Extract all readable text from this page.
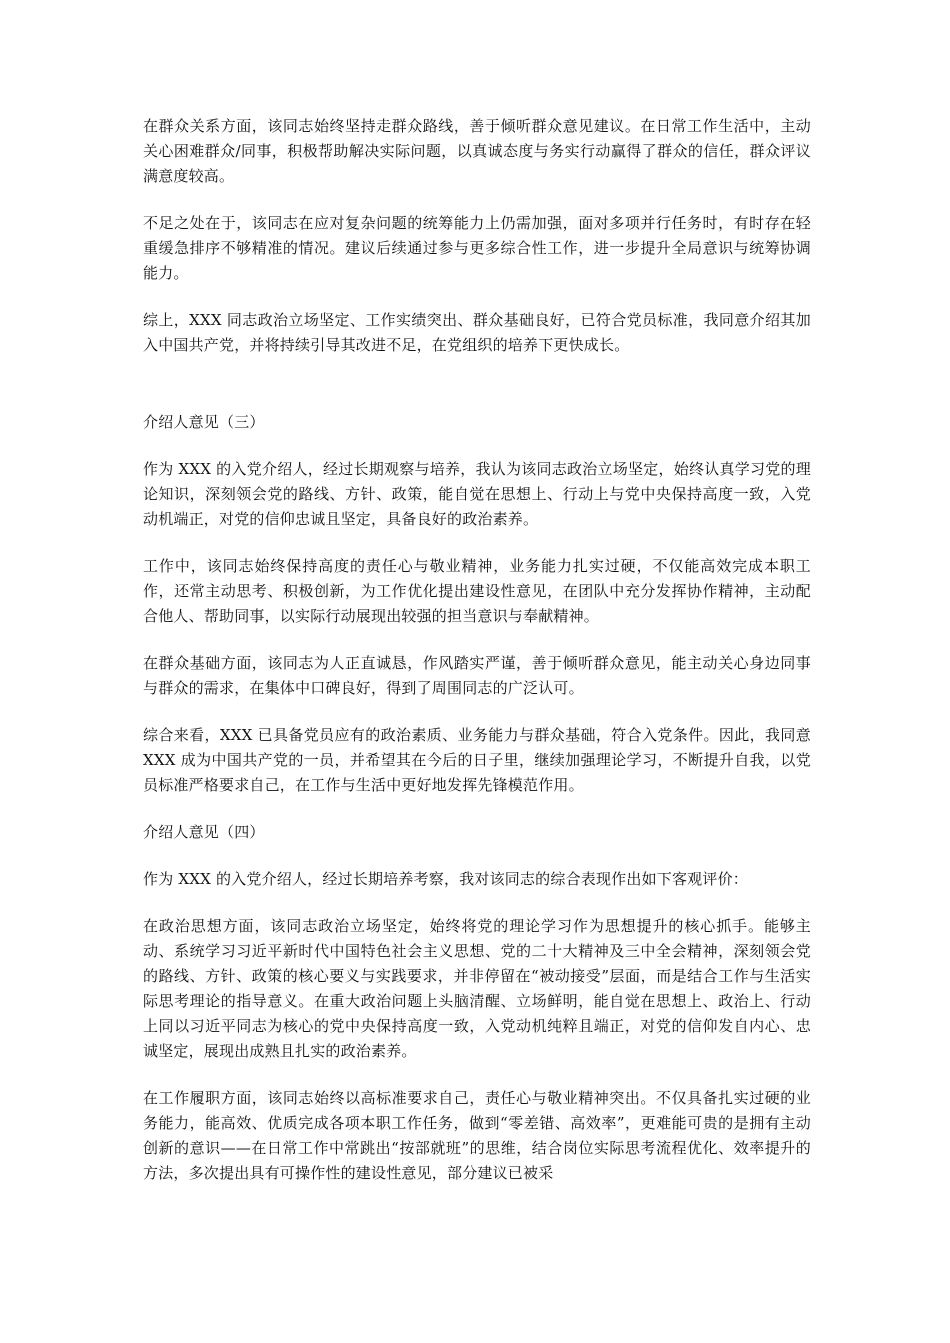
在群众关系方面，该同志始终坚持走群众路线，善于倾听群众意见建议。在日常工作生活中，主动关心困难群众/同事，积极帮助解决实际问题，以真诚态度与务实行动赢得了群众的信任，群众评议满意度较高。

不足之处在于，该同志在应对复杂问题的统筹能力上仍需加强，面对多项并行任务时，有时存在轻重缓急排序不够精准的情况。建议后续通过参与更多综合性工作，进一步提升全局意识与统筹协调能力。

综上，XXX 同志政治立场坚定、工作实绩突出、群众基础良好，已符合党员标准，我同意介绍其加入中国共产党，并将持续引导其改进不足，在党组织的培养下更快成长。

介绍人意见（三）

作为 XXX 的入党介绍人，经过长期观察与培养，我认为该同志政治立场坚定，始终认真学习党的理论知识，深刻领会党的路线、方针、政策，能自觉在思想上、行动上与党中央保持高度一致，入党动机端正，对党的信仰忠诚且坚定，具备良好的政治素养。

工作中，该同志始终保持高度的责任心与敬业精神，业务能力扎实过硬，不仅能高效完成本职工作，还常主动思考、积极创新，为工作优化提出建设性意见，在团队中充分发挥协作精神，主动配合他人、帮助同事，以实际行动展现出较强的担当意识与奉献精神。

在群众基础方面，该同志为人正直诚恳，作风踏实严谨，善于倾听群众意见，能主动关心身边同事与群众的需求，在集体中口碑良好，得到了周围同志的广泛认可。

综合来看，XXX 已具备党员应有的政治素质、业务能力与群众基础，符合入党条件。因此，我同意 XXX 成为中国共产党的一员，并希望其在今后的日子里，继续加强理论学习，不断提升自我，以党员标准严格要求自己，在工作与生活中更好地发挥先锋模范作用。

介绍人意见（四）

作为 XXX 的入党介绍人，经过长期培养考察，我对该同志的综合表现作出如下客观评价：

在政治思想方面，该同志政治立场坚定，始终将党的理论学习作为思想提升的核心抓手。能够主动、系统学习习近平新时代中国特色社会主义思想、党的二十大精神及三中全会精神，深刻领会党的路线、方针、政策的核心要义与实践要求，并非停留在“被动接受”层面，而是结合工作与生活实际思考理论的指导意义。在重大政治问题上头脑清醒、立场鲜明，能自觉在思想上、政治上、行动上同以习近平同志为核心的党中央保持高度一致，入党动机纯粹且端正，对党的信仰发自内心、忠诚坚定，展现出成熟且扎实的政治素养。

在工作履职方面，该同志始终以高标准要求自己，责任心与敬业精神突出。不仅具备扎实过硬的业务能力，能高效、优质完成各项本职工作任务，做到“零差错、高效率”，更难能可贵的是拥有主动创新的意识——在日常工作中常跳出“按部就班”的思维，结合岗位实际思考流程优化、效率提升的方法，多次提出具有可操作性的建设性意见，部分建议已被采
